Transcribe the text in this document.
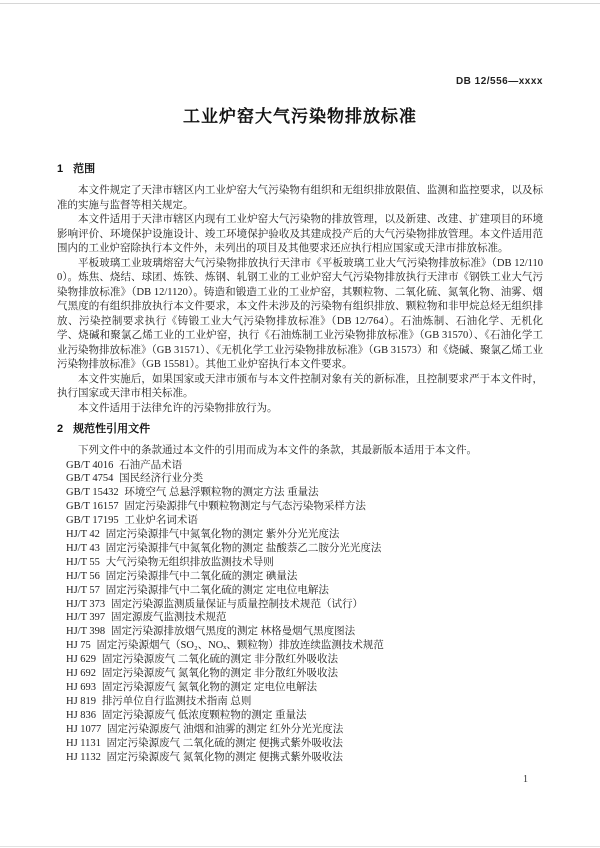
DB 12/556—xxxx
工业炉窑大气污染物排放标准
1 范围

本文件规定了天津市辖区内工业炉窑大气污染物有组织和无组织排放限值、监测和监控要求，以及标准的实施与监督等相关规定。

本文件适用于天津市辖区内现有工业炉窑大气污染物的排放管理，以及新建、改建、扩建项目的环境影响评价、环境保护设施设计、竣工环境保护验收及其建成投产后的大气污染物排放管理。本文件适用范围内的工业炉窑除执行本文件外，未列出的项目及其他要求还应执行相应国家或天津市排放标准。

平板玻璃工业玻璃熔窑大气污染物排放执行天津市《平板玻璃工业大气污染物排放标准》（DB 12/1100）。炼焦、烧结、球团、炼铁、炼钢、轧钢工业的工业炉窑大气污染物排放执行天津市《钢铁工业大气污染物排放标准》（DB 12/1120）。铸造和锻造工业的工业炉窑，其颗粒物、二氧化硫、氮氧化物、油雾、烟气黑度的有组织排放执行本文件要求，本文件未涉及的污染物有组织排放、颗粒物和非甲烷总烃无组织排放、污染控制要求执行《铸锻工业大气污染物排放标准》（DB 12/764）。石油炼制、石油化学、无机化学、烧碱和聚氯乙烯工业的工业炉窑，执行《石油炼制工业污染物排放标准》（GB 31570）、《石油化学工业污染物排放标准》（GB 31571）、《无机化学工业污染物排放标准》（GB 31573）和《烧碱、聚氯乙烯工业污染物排放标准》（GB 15581）。其他工业炉窑执行本文件要求。

本文件实施后，如果国家或天津市颁布与本文件控制对象有关的新标准，且控制要求严于本文件时，执行国家或天津市相关标准。

本文件适用于法律允许的污染物排放行为。

2 规范性引用文件

下列文件中的条款通过本文件的引用而成为本文件的条款，其最新版本适用于本文件。

GB/T 4016 石油产品术语
GB/T 4754 国民经济行业分类
GB/T 15432 环境空气 总悬浮颗粒物的测定方法 重量法
GB/T 16157 固定污染源排气中颗粒物测定与气态污染物采样方法
GB/T 17195 工业炉名词术语
HJ/T 42 固定污染源排气中氮氧化物的测定 紫外分光光度法
HJ/T 43 固定污染源排气中氮氧化物的测定 盐酸萘乙二胺分光光度法
HJ/T 55 大气污染物无组织排放监测技术导则
HJ/T 56 固定污染源排气中二氧化硫的测定 碘量法
HJ/T 57 固定污染源排气中二氧化硫的测定 定电位电解法
HJ/T 373 固定污染源监测质量保证与质量控制技术规范（试行）
HJ/T 397 固定源废气监测技术规范
HJ/T 398 固定污染源排放烟气黑度的测定 林格曼烟气黑度图法
HJ 75 固定污染源烟气（SO₂、NOₓ、颗粒物）排放连续监测技术规范
HJ 629 固定污染源废气 二氧化硫的测定 非分散红外吸收法
HJ 692 固定污染源废气 氮氧化物的测定 非分散红外吸收法
HJ 693 固定污染源废气 氮氧化物的测定 定电位电解法
HJ 819 排污单位自行监测技术指南 总则
HJ 836 固定污染源废气 低浓度颗粒物的测定 重量法
HJ 1077 固定污染源废气 油烟和油雾的测定 红外分光光度法
HJ 1131 固定污染源废气 二氧化硫的测定 便携式紫外吸收法
HJ 1132 固定污染源废气 氮氧化物的测定 便携式紫外吸收法
1
